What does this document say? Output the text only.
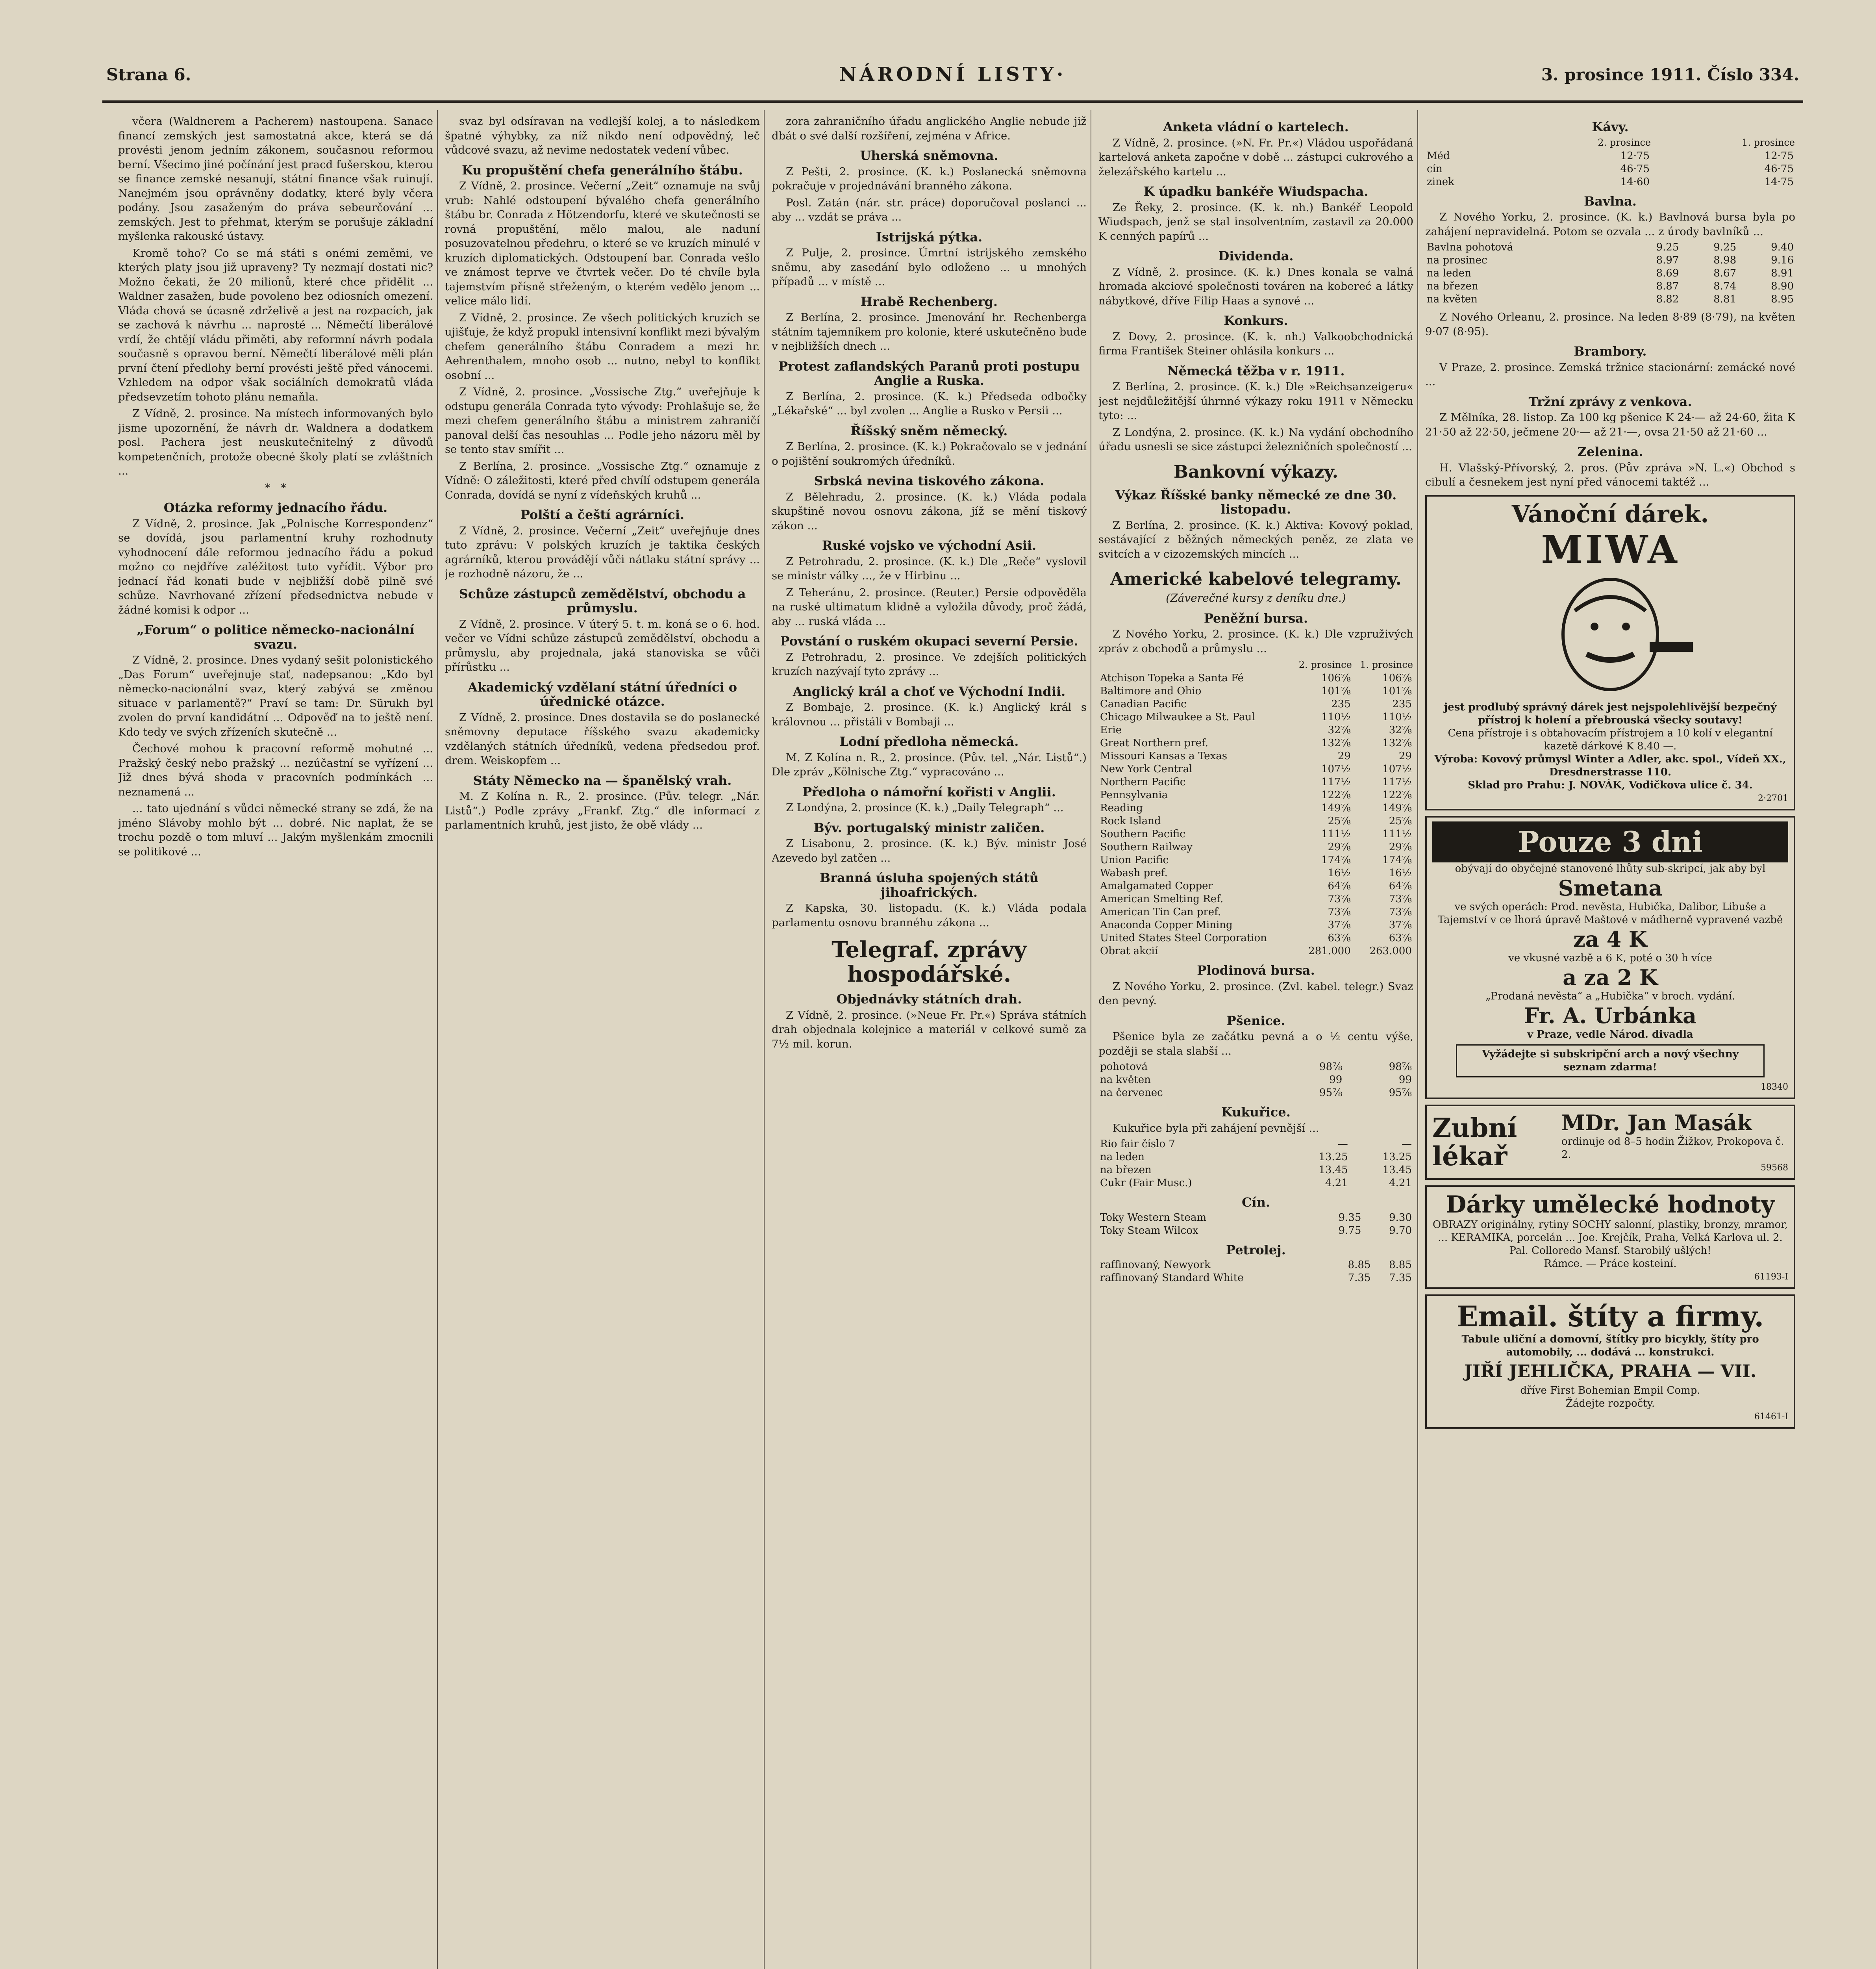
Strana 6.	NÁRODNÍ LISTY·	3. prosince 1911. Číslo 334.

včera (Waldnerem a Pacherem) nastoupena. Sanace financí zemských jest samostatná akce, která se dá provésti jenom jedním zákonem, současnou reformou berní. Všecimo jiné počínání jest pracd fušerskou, kterou se finance zemské nesanují, státní finance však ruinují. Nanejmém jsou oprávněny dodatky, které byly včera podány. Jsou zasaženým do práva sebeurčování ... zemských. Jest to přehmat, kterým se porušuje základní myšlenka rakouské ústavy.

Kromě toho? Co se má státi s onémi zeměmi, ve kterých platy jsou již upraveny? Ty nezmají dostati nic? Možno čekati, že 20 milionů, které chce přidělit ... Waldner zasažen, bude povoleno bez odiosních omezení. Vláda chová se úcasně zdrželivě a jest na rozpacích, jak se zachová k návrhu ... naprosté ... Němečtí liberálové vrdí, že chtějí vládu přiměti, aby reformní návrh podala současně s opravou berní. Němečtí liberálové měli plán první čtení předlohy berní provésti ještě před vánocemi. Vzhledem na odpor však sociálních demokratů vláda předsevzetím tohoto plánu nemaňla.

Z Vídně, 2. prosince. Na místech informovaných bylo jisme upozornění, že návrh dr. Waldnera a dodatkem posl. Pachera jest neuskutečnitelný z důvodů kompetenčních, protože obecné školy platí se zvláštních ...

*   *
Otázka reformy jednacího řádu.

Z Vídně, 2. prosince. Jak „Polnische Korrespondenz“ se dovídá, jsou parlamentní kruhy rozhodnuty vyhodnocení dále reformou jednacího řádu a pokud možno co nejdříve zaléžitost tuto vyřídit. Výbor pro jednací řád konati bude v nejbližší době pilně své schůze. Navrhované zřízení předsednictva nebude v žádné komisi k odpor ...

„Forum“ o politice německo-nacionální svazu.

Z Vídně, 2. prosince. Dnes vydaný sešit polonistického „Das Forum“ uveřejnuje stať, nadepsanou: „Kdo byl německo-nacionální svaz, který zabývá se změnou situace v parlamentě?“ Praví se tam: Dr. Sürukh byl zvolen do první kandidátní ... Odpověď na to ještě není. Kdo tedy ve svých zřízeních skutečně ...

Čechové mohou k pracovní reformě mohutné ... Pražský český nebo pražský ... nezúčastní se vyřízení ... Již dnes bývá shoda v pracovních podmínkách ... neznamená ...

... tato ujednání s vůdci německé strany se zdá, že na jméno Slávoby mohlo být ... dobré. Nic naplat, že se trochu pozdě o tom mluví ... Jakým myšlenkám zmocnili se politikové ...

svaz byl odsíravan na vedlejší kolej, a to následkem špatné výhybky, za níž nikdo není odpovědný, leč vůdcové svazu, až nevime nedostatek vedení vůbec.

Ku propuštění chefa generálního štábu.

Z Vídně, 2. prosince. Večerní „Zeit“ oznamuje na svůj vrub: Nahlé odstoupení bývalého chefa generálního štábu br. Conrada z Hötzendorfu, které ve skutečnosti se rovná propuštění, mělo malou, ale naduní posuzovatelnou předehru, o které se ve kruzích minulé v kruzích diplomatických. Odstoupení bar. Conrada vešlo ve známost teprve ve čtvrtek večer. Do té chvíle byla tajemstvím přísně střeženým, o kterém vedělo jenom ... velice málo lidí.

Z Vídně, 2. prosince. Ze všech politických kruzích se ujišťuje, že když propukl intensivní konflikt mezi bývalým chefem generálního štábu Conradem a mezi hr. Aehrenthalem, mnoho osob ... nutno, nebyl to konflikt osobní ...

Z Vídně, 2. prosince. „Vossische Ztg.“ uveřejňuje k odstupu generála Conrada tyto vývody: Prohlašuje se, že mezi chefem generálního štábu a ministrem zahraničí panoval delší čas nesouhlas ... Podle jeho názoru měl by se tento stav smířit ...

Z Berlína, 2. prosince. „Vossische Ztg.“ oznamuje z Vídně: O záležitosti, které před chvílí odstupem generála Conrada, dovídá se nyní z vídeňských kruhů ...

Polští a čeští agrárníci.

Z Vídně, 2. prosince. Večerní „Zeit“ uveřejňuje dnes tuto zprávu: V polských kruzích je taktika českých agrárníků, kterou provádějí vůči nátlaku státní správy ... je rozhodně názoru, že ...

Schůze zástupců zemědělství, obchodu a průmyslu.

Z Vídně, 2. prosince. V úterý 5. t. m. koná se o 6. hod. večer ve Vídni schůze zástupců zemědělství, obchodu a průmyslu, aby projednala, jaká stanoviska se vůči přírůstku ...

Akademický vzdělaní státní úředníci o úřednické otázce.

Z Vídně, 2. prosince. Dnes dostavila se do poslanecké sněmovny deputace říšského svazu akademicky vzdělaných státních úředníků, vedena předsedou prof. drem. Weiskopfem ...

Státy Německo na — španělský vrah.

M. Z Kolína n. R., 2. prosince. (Pův. telegr. „Nár. Listů“.) Podle zprávy „Frankf. Ztg.“ dle informací z parlamentních kruhů, jest jisto, že obě vlády ...

zora zahraničního úřadu anglického Anglie nebude již dbát o své další rozšíření, zejména v Africe.

Uherská sněmovna.

Z Pešti, 2. prosince. (K. k.) Poslanecká sněmovna pokračuje v projednávání branného zákona.

Posl. Zatán (nár. str. práce) doporučoval poslanci ... aby ... vzdát se práva ...

Istrijská pýtka.

Z Pulje, 2. prosince. Úmrtní istrijského zemského sněmu, aby zasedání bylo odloženo ... u mnohých případů ... v místě ...

Hrabě Rechenberg.

Z Berlína, 2. prosince. Jmenování hr. Rechenberga státním tajemníkem pro kolonie, které uskutečněno bude v nejbližších dnech ...

Protest zaflandských Paranů proti postupu Anglie a Ruska.

Z Berlína, 2. prosince. (K. k.) Předseda odbočky „Lékařské“ ... byl zvolen ... Anglie a Rusko v Persii ...

Říšský sněm německý.

Z Berlína, 2. prosince. (K. k.) Pokračovalo se v jednání o pojištění soukromých úředníků.

Srbská nevina tiskového zákona.

Z Bělehradu, 2. prosince. (K. k.) Vláda podala skupštině novou osnovu zákona, jíž se mění tiskový zákon ...

Ruské vojsko ve východní Asii.

Z Petrohradu, 2. prosince. (K. k.) Dle „Reče“ vyslovil se ministr války ..., že v Hirbinu ...

Z Teheránu, 2. prosince. (Reuter.) Persie odpověděla na ruské ultimatum klidně a vyložila důvody, proč žádá, aby ... ruská vláda ...

Povstání o ruském okupaci severní Persie.

Z Petrohradu, 2. prosince. Ve zdejších politických kruzích nazývají tyto zprávy ...

Anglický král a choť ve Východní Indii.

Z Bombaje, 2. prosince. (K. k.) Anglický král s královnou ... přistáli v Bombaji ...

Lodní předloha německá.

M. Z Kolína n. R., 2. prosince. (Pův. tel. „Nár. Listů“.) Dle zpráv „Kölnische Ztg.“ vypracováno ...

Předloha o námořní kořisti v Anglii.

Z Londýna, 2. prosince (K. k.) „Daily Telegraph“ ...

Býv. portugalský ministr zaličen.

Z Lisabonu, 2. prosince. (K. k.) Býv. ministr José Azevedo byl zatčen ...

Branná úsluha spojených států jihoafrických.

Z Kapska, 30. listopadu. (K. k.) Vláda podala parlamentu osnovu brannéhu zákona ...

Telegraf. zprávy hospodářské.
Objednávky státních drah.

Z Vídně, 2. prosince. (»Neue Fr. Pr.«) Správa státních drah objednala kolejnice a materiál v celkové sumě za 7½ mil. korun.

Anketa vládní o kartelech.

Z Vídně, 2. prosince. (»N. Fr. Pr.«) Vládou uspořádaná kartelová anketa započne v době ... zástupci cukrového a železářského kartelu ...

K úpadku bankéře Wiudspacha.

Ze Řeky, 2. prosince. (K. k. nh.) Bankéř Leopold Wiudspach, jenž se stal insolventním, zastavil za 20.000 K cenných papírů ...

Dividenda.

Z Vídně, 2. prosince. (K. k.) Dnes konala se valná hromada akciové společnosti továren na kobereć a látky nábytkové, dříve Filip Haas a synové ...

Konkurs.

Z Dovy, 2. prosince. (K. k. nh.) Valkoobchodnická firma František Steiner ohlásila konkurs ...

Německá těžba v r. 1911.

Z Berlína, 2. prosince. (K. k.) Dle »Reichsanzeigeru« jest nejdůležitější úhrnné výkazy roku 1911 v Německu tyto: ...

Z Londýna, 2. prosince. (K. k.) Na vydání obchodního úřadu usnesli se sice zástupci železničních společností ...

Bankovní výkazy.
Výkaz Říšské banky německé ze dne 30. listopadu.

Z Berlína, 2. prosince. (K. k.) Aktiva: Kovový poklad, sestávající z běžných německých peněz, ze zlata ve svitcích a v cizozemských mincích ...

Americké kabelové telegramy.
(Záverečné kursy z deníku dne.)
Peněžní bursa.

Z Nového Yorku, 2. prosince. (K. k.) Dle vzpruživých zpráv z obchodů a průmyslu ...

	2. prosince	1. prosince
Atchison Topeka a Santa Fé	106⅞	106⅞
Baltimore and Ohio	101⅞	101⅞
Canadian Pacific	235	235
Chicago Milwaukee a St. Paul	110½	110½
Erie	32⅞	32⅞
Great Northern pref.	132⅞	132⅞
Missouri Kansas a Texas	29	29
New York Central	107½	107½
Northern Pacific	117½	117½
Pennsylvania	122⅞	122⅞
Reading	149⅞	149⅞
Rock Island	25⅞	25⅞
Southern Pacific	111½	111½
Southern Railway	29⅞	29⅞
Union Pacific	174⅞	174⅞
Wabash pref.	16½	16½
Amalgamated Copper	64⅞	64⅞
American Smelting Ref.	73⅞	73⅞
American Tin Can pref.	73⅞	73⅞
Anaconda Copper Mining	37⅞	37⅞
United States Steel Corporation	63⅞	63⅞
Obrat akcií	281.000	263.000
Plodinová bursa.

Z Nového Yorku, 2. prosince. (Zvl. kabel. telegr.) Svaz den pevný.

Pšenice.

Pšenice byla ze začátku pevná a o ½ centu výše, později se stala slabší ...

pohotová	98⅞	98⅞
na květen	99	99
na červenec	95⅞	95⅞
Kukuřice.

Kukuřice byla při zahájení pevnější ...

Rio fair číslo 7	—	—
na leden	13.25	13.25
na březen	13.45	13.45
Cukr (Fair Musc.)	4.21	4.21
Cín.
Toky Western Steam	9.35	9.30
Toky Steam Wilcox	9.75	9.70
Petrolej.
raffinovaný, Newyork	8.85	8.85
raffinovaný Standard White	7.35	7.35
Kávy.
	2. prosince	1. prosince
Méd	12·75	12·75
cín	46·75	46·75
zinek	14·60	14·75
Bavlna.

Z Nového Yorku, 2. prosince. (K. k.) Bavlnová bursa byla po zahájení nepravidelná. Potom se ozvala ... z úrody bavlníků ...

Bavlna pohotová	9.25	9.25	9.40
na prosinec	8.97	8.98	9.16
na leden	8.69	8.67	8.91
na březen	8.87	8.74	8.90
na květen	8.82	8.81	8.95

Z Nového Orleanu, 2. prosince. Na leden 8·89 (8·79), na květen 9·07 (8·95).

Brambory.

V Praze, 2. prosince. Zemská tržnice stacionární: zemácké nové ...

Tržní zprávy z venkova.

Z Mělníka, 28. listop. Za 100 kg pšenice K 24·— až 24·60, žita K 21·50 až 22·50, ječmene 20·— až 21·—, ovsa 21·50 až 21·60 ...

Zelenina.

H. Vlašský-Přívorský, 2. pros. (Pův zpráva »N. L.«) Obchod s cibulí a česnekem jest nyní před vánocemi taktéž ...

Vánoční dárek.
MIWA
jest prodlubý správný dárek jest nejspolehlivější bezpečný přístroj k holení a přebrouská všecky soutavy!
Cena přístroje i s obtahovacím přístrojem a 10 kolí v elegantní kazetě dárkové K 8.40 —.
Výroba: Kovový průmysl Winter a Adler, akc. spol., Vídeň XX., Dresdnerstrasse 110.
Sklad pro Prahu: J. NOVÁK, Vodičkova ulice č. 34.
2·2701
Pouze 3 dni
obývají do obyčejné stanovené lhůty sub-skripcí, jak aby byl
Smetana
ve svých operách: Prod. nevěsta, Hubička, Dalibor, Libuše a Tajemství v ce lhorá úpravě Maštové v mádherně vypravené vazbě
za 4 K
ve vkusné vazbě a 6 K, poté o 30 h více
a za 2 K
„Prodaná nevěsta“ a „Hubička“ v broch. vydání.
Fr. A. Urbánka
v Praze, vedle Národ. divadla
Vyžádejte si subskripční arch a nový všechny seznam zdarma!
18340
Zubní lékař
MDr. Jan Masák
ordinuje od 8–5 hodin Žižkov, Prokopova č. 2.
59568
Dárky umělecké hodnoty
OBRAZY originálny, rytiny SOCHY salonní, plastiky, bronzy, mramor, ... KERAMIKA, porcelán ... Joe. Krejčík, Praha, Velká Karlova ul. 2. Pal. Colloredo Mansf. Starobilý ušlých!
Rámce. — Práce kosteiní.
61193-I
Email. štíty a firmy.
Tabule uliční a domovní, štítky pro bicykly, štíty pro automobily, ... dodává ... konstrukci.
JIŘÍ JEHLIČKA, PRAHA — VII.
dříve First Bohemian Empil Comp.
Žádejte rozpočty.
61461-I
